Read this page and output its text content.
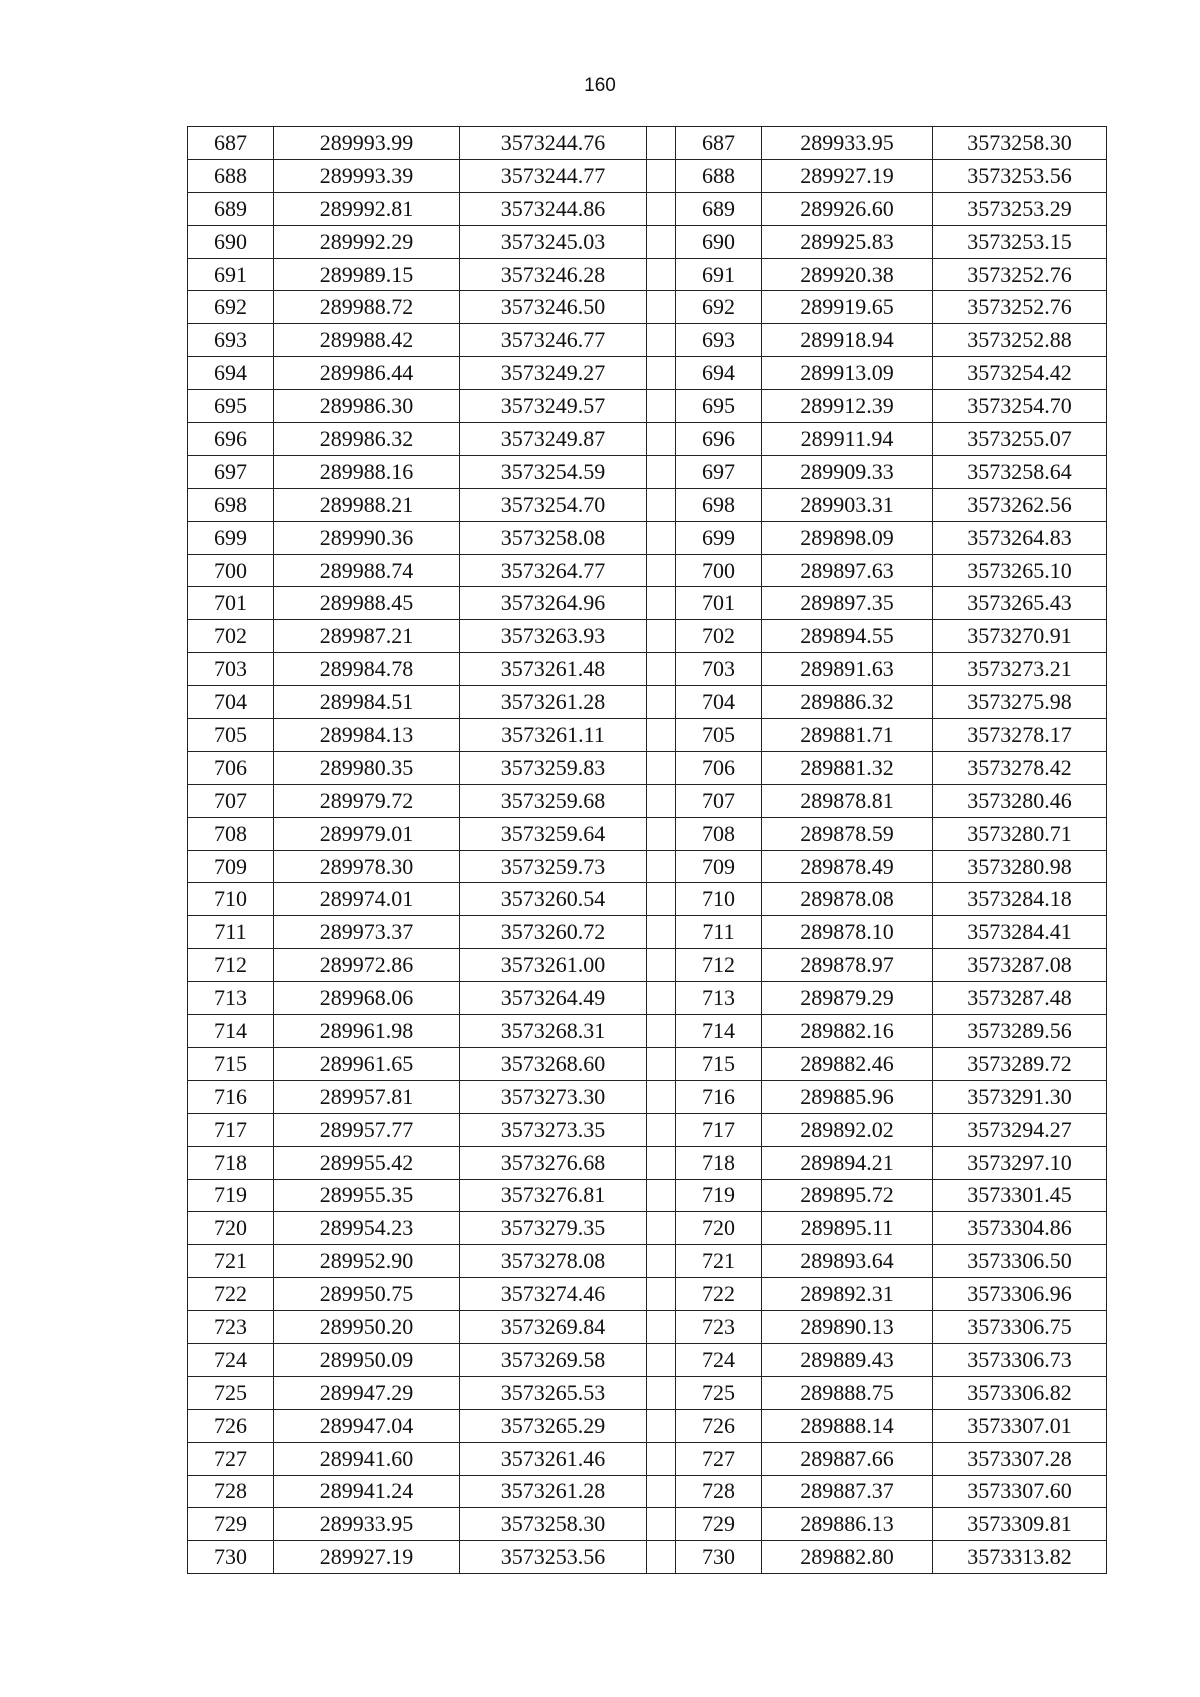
160
687	289993.99	3573244.76		687	289933.95	3573258.30
688	289993.39	3573244.77		688	289927.19	3573253.56
689	289992.81	3573244.86		689	289926.60	3573253.29
690	289992.29	3573245.03		690	289925.83	3573253.15
691	289989.15	3573246.28		691	289920.38	3573252.76
692	289988.72	3573246.50		692	289919.65	3573252.76
693	289988.42	3573246.77		693	289918.94	3573252.88
694	289986.44	3573249.27		694	289913.09	3573254.42
695	289986.30	3573249.57		695	289912.39	3573254.70
696	289986.32	3573249.87		696	289911.94	3573255.07
697	289988.16	3573254.59		697	289909.33	3573258.64
698	289988.21	3573254.70		698	289903.31	3573262.56
699	289990.36	3573258.08		699	289898.09	3573264.83
700	289988.74	3573264.77		700	289897.63	3573265.10
701	289988.45	3573264.96		701	289897.35	3573265.43
702	289987.21	3573263.93		702	289894.55	3573270.91
703	289984.78	3573261.48		703	289891.63	3573273.21
704	289984.51	3573261.28		704	289886.32	3573275.98
705	289984.13	3573261.11		705	289881.71	3573278.17
706	289980.35	3573259.83		706	289881.32	3573278.42
707	289979.72	3573259.68		707	289878.81	3573280.46
708	289979.01	3573259.64		708	289878.59	3573280.71
709	289978.30	3573259.73		709	289878.49	3573280.98
710	289974.01	3573260.54		710	289878.08	3573284.18
711	289973.37	3573260.72		711	289878.10	3573284.41
712	289972.86	3573261.00		712	289878.97	3573287.08
713	289968.06	3573264.49		713	289879.29	3573287.48
714	289961.98	3573268.31		714	289882.16	3573289.56
715	289961.65	3573268.60		715	289882.46	3573289.72
716	289957.81	3573273.30		716	289885.96	3573291.30
717	289957.77	3573273.35		717	289892.02	3573294.27
718	289955.42	3573276.68		718	289894.21	3573297.10
719	289955.35	3573276.81		719	289895.72	3573301.45
720	289954.23	3573279.35		720	289895.11	3573304.86
721	289952.90	3573278.08		721	289893.64	3573306.50
722	289950.75	3573274.46		722	289892.31	3573306.96
723	289950.20	3573269.84		723	289890.13	3573306.75
724	289950.09	3573269.58		724	289889.43	3573306.73
725	289947.29	3573265.53		725	289888.75	3573306.82
726	289947.04	3573265.29		726	289888.14	3573307.01
727	289941.60	3573261.46		727	289887.66	3573307.28
728	289941.24	3573261.28		728	289887.37	3573307.60
729	289933.95	3573258.30		729	289886.13	3573309.81
730	289927.19	3573253.56		730	289882.80	3573313.82
